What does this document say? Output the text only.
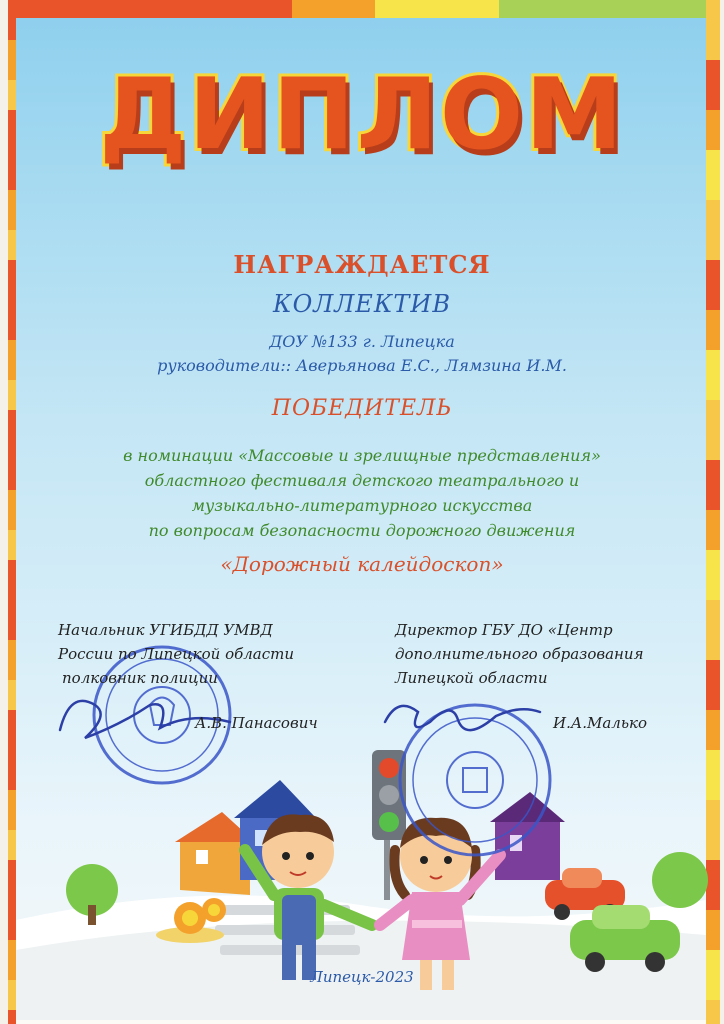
ДИПЛОМ
НАГРАЖДАЕТСЯ
КОЛЛЕКТИВ
ДОУ №133 г. Липецка
руководители:: Аверьянова Е.С., Лямзина И.М.
ПОБЕДИТЕЛЬ
в номинации «Массовые и зрелищные представления»
областного фестиваля детского театрального и
музыкально-литературного искусства
по вопросам безопасности дорожного движения
«Дорожный калейдоскоп»
Начальник УГИБДД УМВД
России по Липецкой области
полковник полиции
А.В. Панасович
Директор ГБУ ДО «Центр
дополнительного образования
Липецкой области
И.А.Малько
Липецк-2023
